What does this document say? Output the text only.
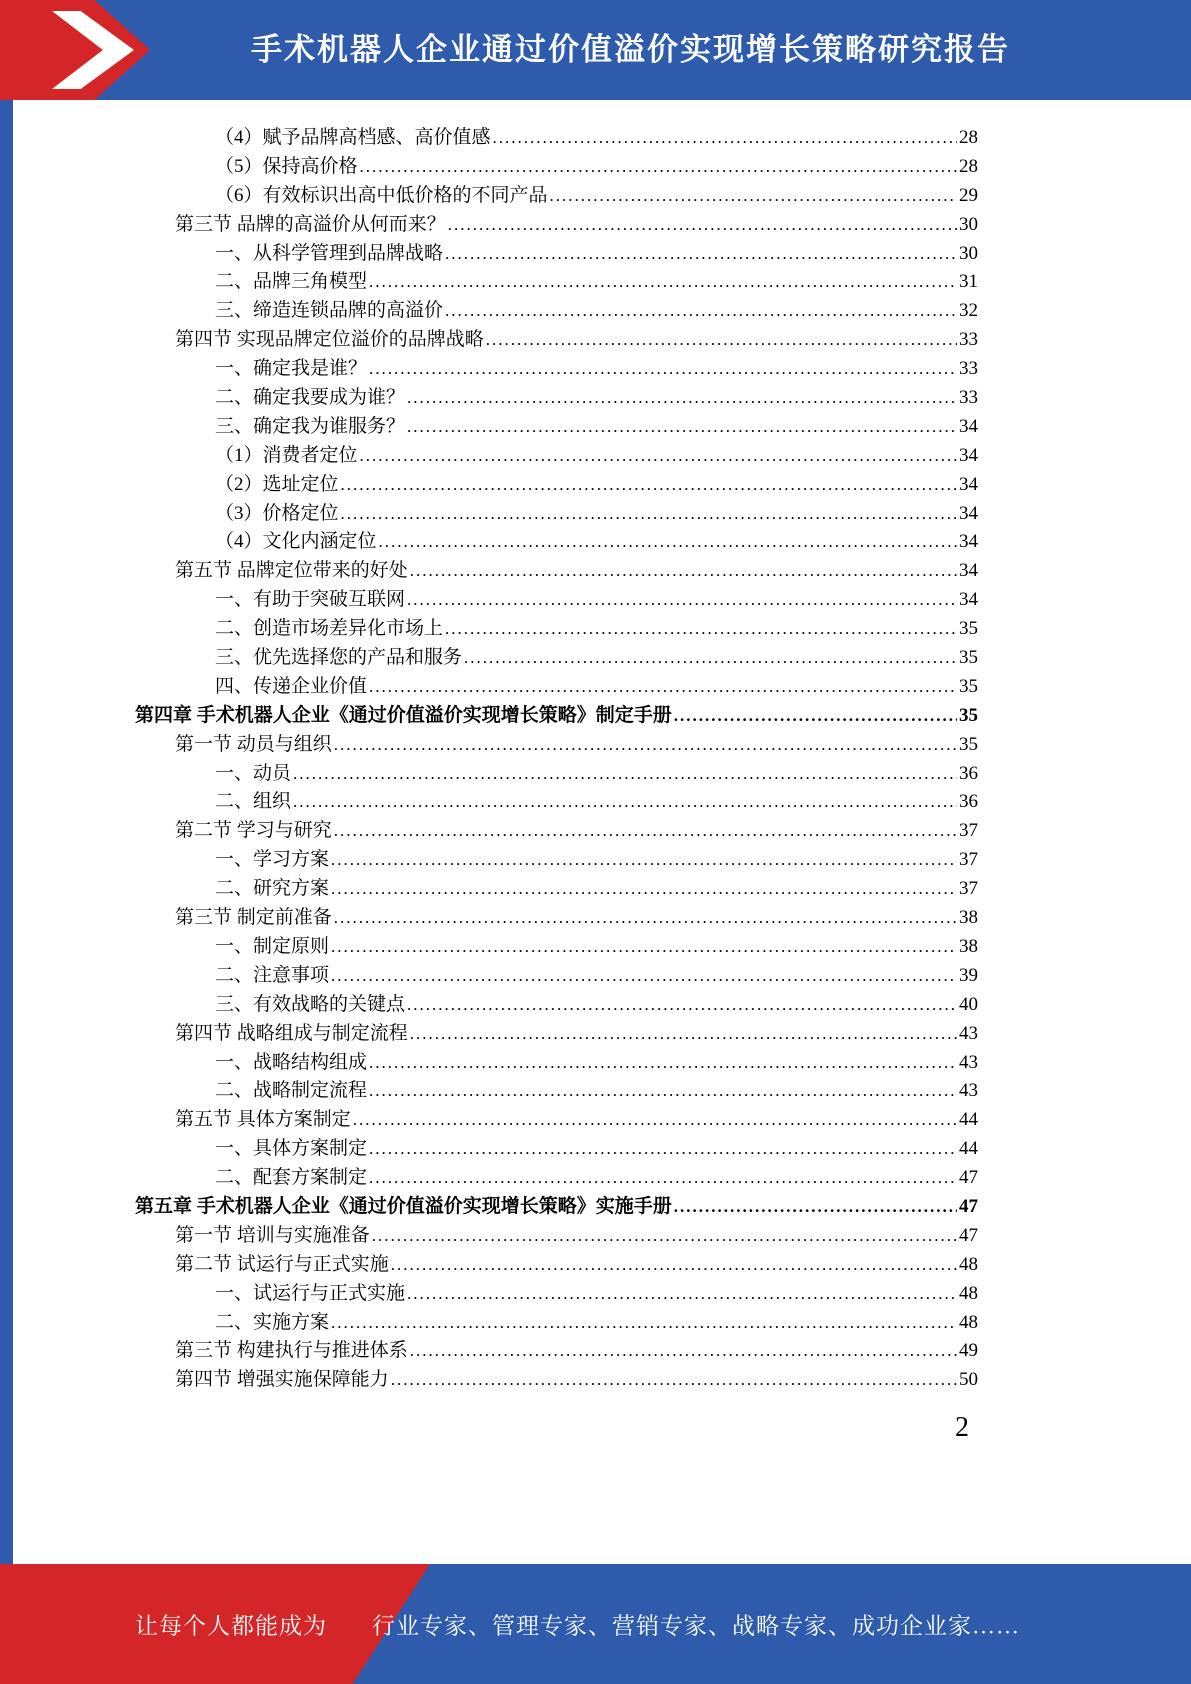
手术机器人企业通过价值溢价实现增长策略研究报告
（4）赋予品牌高档感、高价值感 .....	28
（5）保持高价格 .....	28
（6）有效标识出高中低价格的不同产品 .....	29
第三节 品牌的高溢价从何而来？ .....	30
一、从科学管理到品牌战略 .....	30
二、品牌三角模型 .....	31
三、缔造连锁品牌的高溢价 .....	32
第四节 实现品牌定位溢价的品牌战略 .....	33
一、确定我是谁？ .....	33
二、确定我要成为谁？ .....	33
三、确定我为谁服务？ .....	34
（1）消费者定位 .....	34
（2）选址定位 .....	34
（3）价格定位 .....	34
（4）文化内涵定位 .....	34
第五节 品牌定位带来的好处 .....	34
一、有助于突破互联网 .....	34
二、创造市场差异化市场上 .....	35
三、优先选择您的产品和服务 .....	35
四、传递企业价值 .....	35
第四章 手术机器人企业《通过价值溢价实现增长策略》制定手册 .....	35
第一节 动员与组织 .....	35
一、动员 .....	36
二、组织 .....	36
第二节 学习与研究 .....	37
一、学习方案 .....	37
二、研究方案 .....	37
第三节 制定前准备 .....	38
一、制定原则 .....	38
二、注意事项 .....	39
三、有效战略的关键点 .....	40
第四节 战略组成与制定流程 .....	43
一、战略结构组成 .....	43
二、战略制定流程 .....	43
第五节 具体方案制定 .....	44
一、具体方案制定 .....	44
二、配套方案制定 .....	47
第五章 手术机器人企业《通过价值溢价实现增长策略》实施手册 .....	47
第一节 培训与实施准备 .....	47
第二节 试运行与正式实施 .....	48
一、试运行与正式实施 .....	48
二、实施方案 .....	48
第三节 构建执行与推进体系 .....	49
第四节 增强实施保障能力 .....	50
2
让每个人都能成为 行业专家、管理专家、营销专家、战略专家、成功企业家……
